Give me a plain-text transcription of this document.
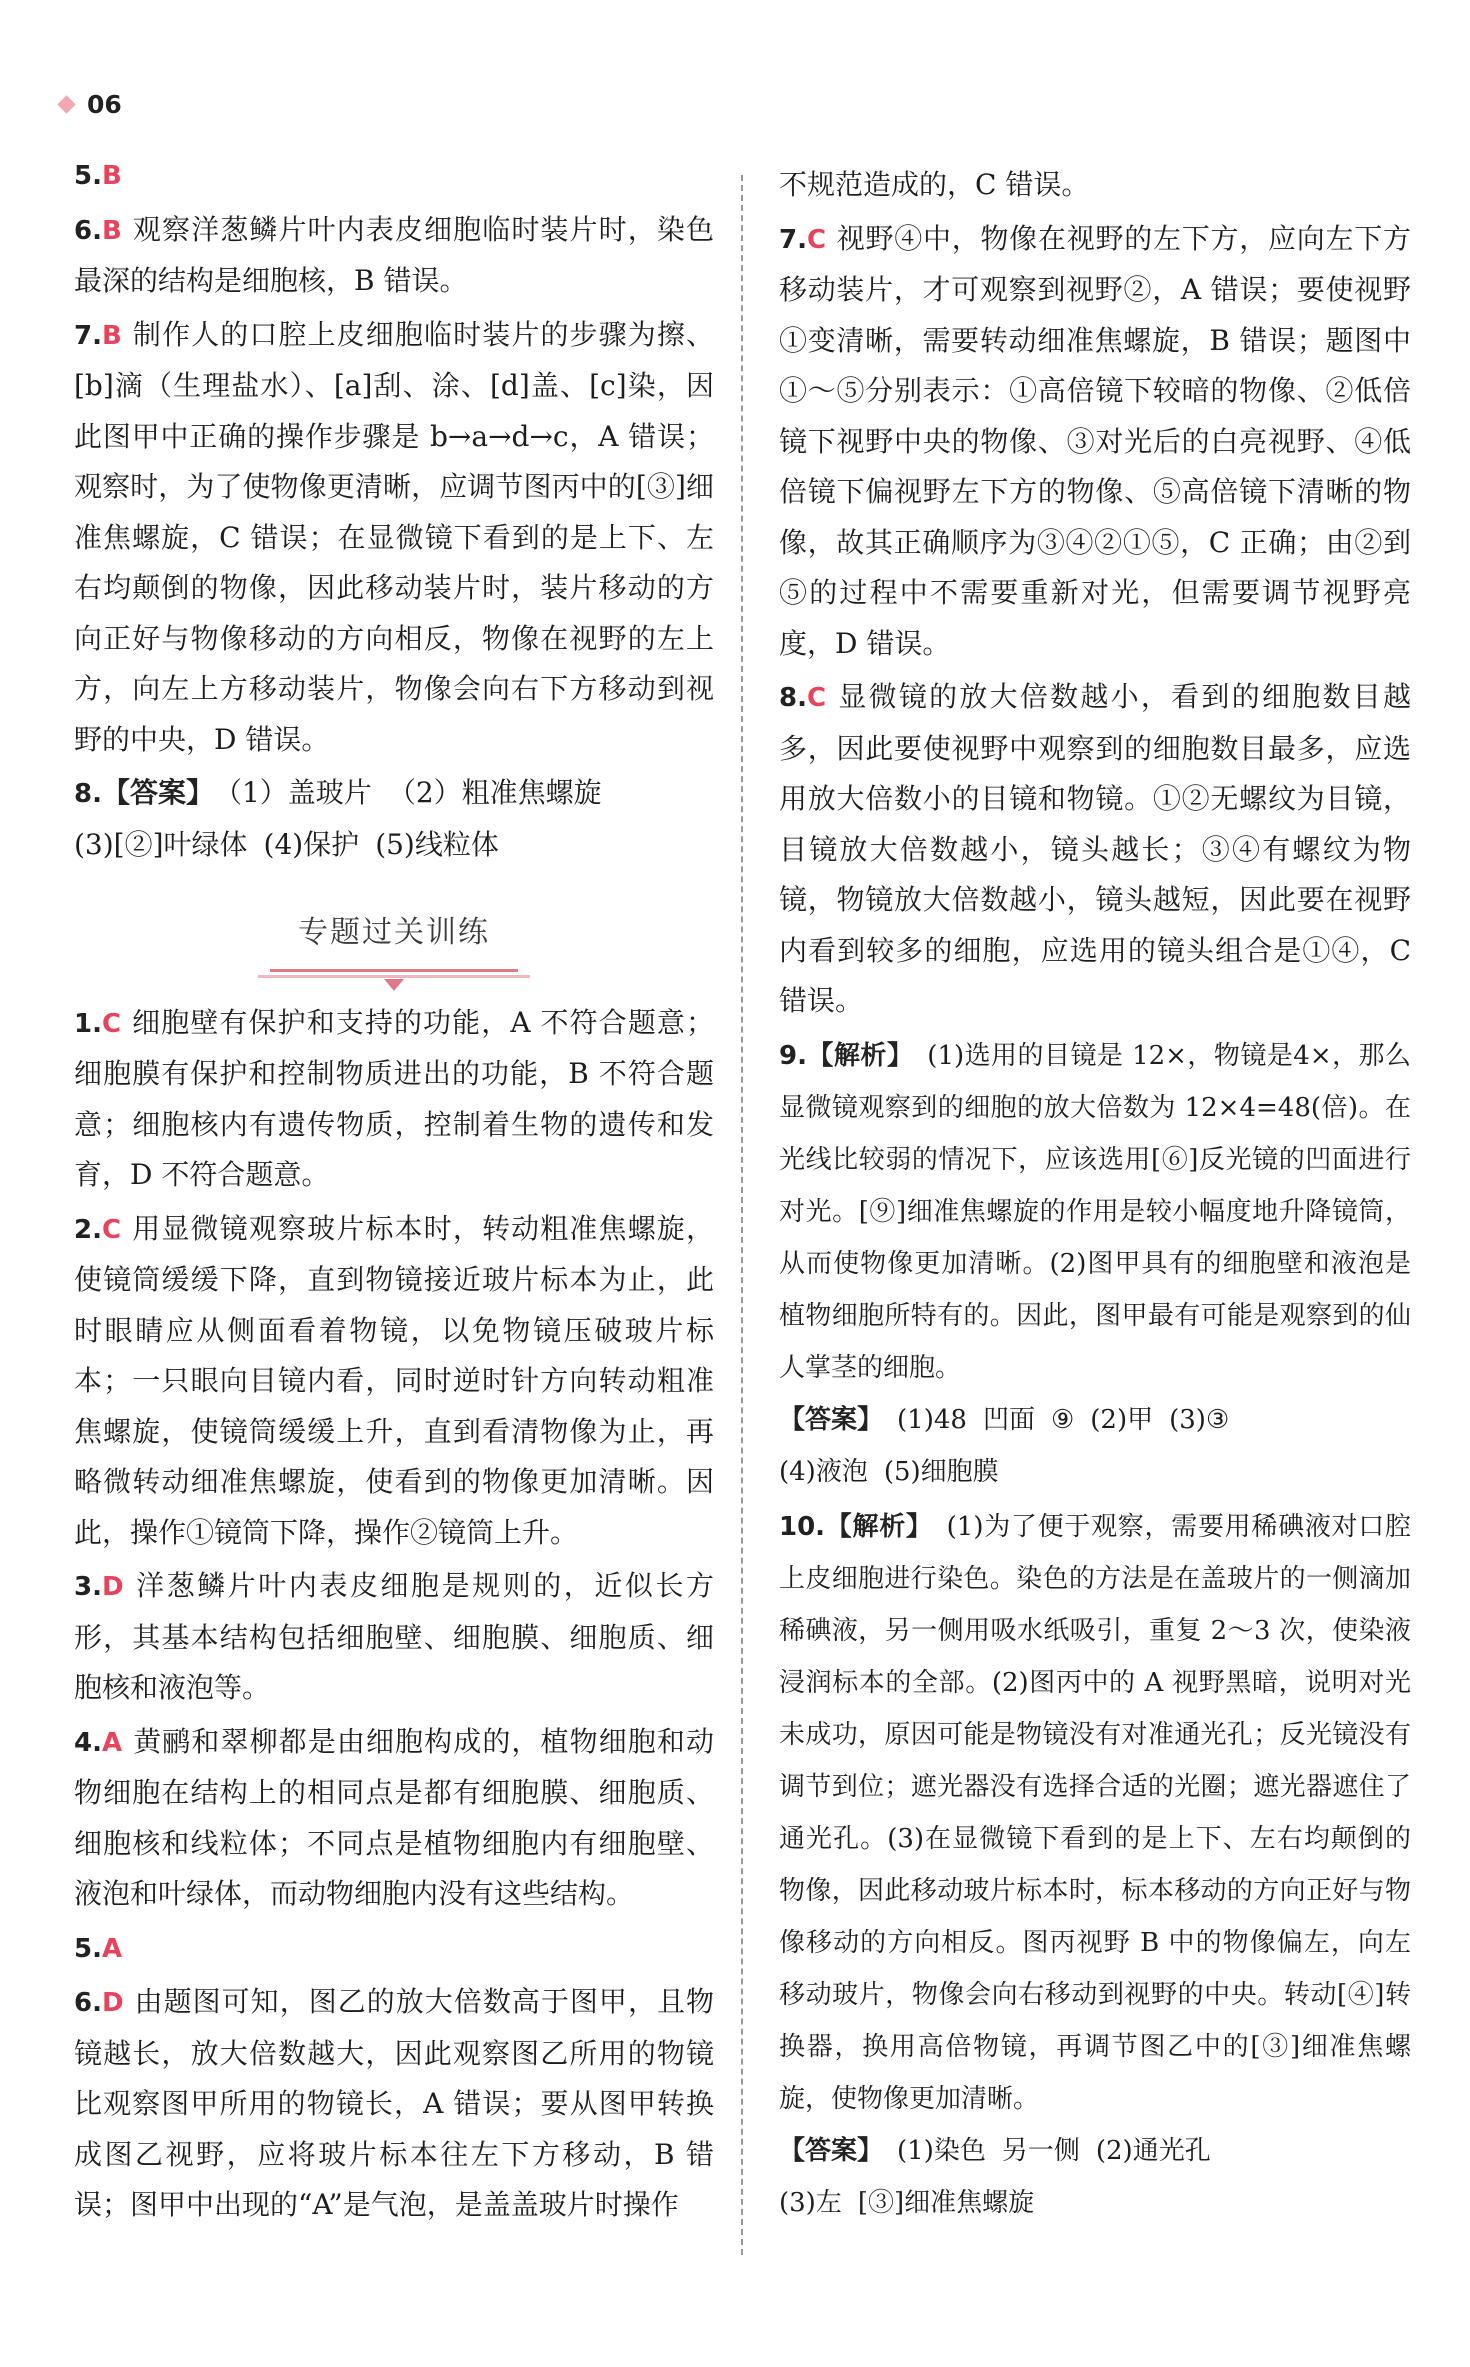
06

5.B

6.B 观察洋葱鳞片叶内表皮细胞临时装片时，染色最深的结构是细胞核，B 错误。

7.B 制作人的口腔上皮细胞临时装片的步骤为擦、[b]滴（生理盐水）、[a]刮、涂、[d]盖、[c]染，因此图甲中正确的操作步骤是 b→a→d→c，A 错误；观察时，为了使物像更清晰，应调节图丙中的[③]细准焦螺旋，C 错误；在显微镜下看到的是上下、左右均颠倒的物像，因此移动装片时，装片移动的方向正好与物像移动的方向相反，物像在视野的左上方，向左上方移动装片，物像会向右下方移动到视野的中央，D 错误。

8.【答案】 （1）盖玻片 （2）粗准焦螺旋
(3)[②]叶绿体 (4)保护 (5)线粒体

专题过关训练

1.C 细胞壁有保护和支持的功能，A 不符合题意；细胞膜有保护和控制物质进出的功能，B 不符合题意；细胞核内有遗传物质，控制着生物的遗传和发育，D 不符合题意。

2.C 用显微镜观察玻片标本时，转动粗准焦螺旋，使镜筒缓缓下降，直到物镜接近玻片标本为止，此时眼睛应从侧面看着物镜，以免物镜压破玻片标本；一只眼向目镜内看，同时逆时针方向转动粗准焦螺旋，使镜筒缓缓上升，直到看清物像为止，再略微转动细准焦螺旋，使看到的物像更加清晰。因此，操作①镜筒下降，操作②镜筒上升。

3.D 洋葱鳞片叶内表皮细胞是规则的，近似长方形，其基本结构包括细胞壁、细胞膜、细胞质、细胞核和液泡等。

4.A 黄鹂和翠柳都是由细胞构成的，植物细胞和动物细胞在结构上的相同点是都有细胞膜、细胞质、细胞核和线粒体；不同点是植物细胞内有细胞壁、液泡和叶绿体，而动物细胞内没有这些结构。

5.A

6.D 由题图可知，图乙的放大倍数高于图甲，且物镜越长，放大倍数越大，因此观察图乙所用的物镜比观察图甲所用的物镜长，A 错误；要从图甲转换成图乙视野，应将玻片标本往左下方移动，B 错误；图甲中出现的“A”是气泡，是盖盖玻片时操作

不规范造成的，C 错误。

7.C 视野④中，物像在视野的左下方，应向左下方移动装片，才可观察到视野②，A 错误；要使视野①变清晰，需要转动细准焦螺旋，B 错误；题图中①～⑤分别表示：①高倍镜下较暗的物像、②低倍镜下视野中央的物像、③对光后的白亮视野、④低倍镜下偏视野左下方的物像、⑤高倍镜下清晰的物像，故其正确顺序为③④②①⑤，C 正确；由②到⑤的过程中不需要重新对光，但需要调节视野亮度，D 错误。

8.C 显微镜的放大倍数越小，看到的细胞数目越多，因此要使视野中观察到的细胞数目最多，应选用放大倍数小的目镜和物镜。①②无螺纹为目镜，目镜放大倍数越小，镜头越长；③④有螺纹为物镜，物镜放大倍数越小，镜头越短，因此要在视野内看到较多的细胞，应选用的镜头组合是①④，C 错误。

9.【解析】 (1)选用的目镜是 12×，物镜是4×，那么显微镜观察到的细胞的放大倍数为 12×4=48(倍)。在光线比较弱的情况下，应该选用[⑥]反光镜的凹面进行对光。[⑨]细准焦螺旋的作用是较小幅度地升降镜筒，从而使物像更加清晰。(2)图甲具有的细胞壁和液泡是植物细胞所特有的。因此，图甲最有可能是观察到的仙人掌茎的细胞。
【答案】 (1)48 凹面 ⑨ (2)甲 (3)③
(4)液泡 (5)细胞膜

10.【解析】 (1)为了便于观察，需要用稀碘液对口腔上皮细胞进行染色。染色的方法是在盖玻片的一侧滴加稀碘液，另一侧用吸水纸吸引，重复 2～3 次，使染液浸润标本的全部。(2)图丙中的 A 视野黑暗，说明对光未成功，原因可能是物镜没有对准通光孔；反光镜没有调节到位；遮光器没有选择合适的光圈；遮光器遮住了通光孔。(3)在显微镜下看到的是上下、左右均颠倒的物像，因此移动玻片标本时，标本移动的方向正好与物像移动的方向相反。图丙视野 B 中的物像偏左，向左移动玻片，物像会向右移动到视野的中央。转动[④]转换器，换用高倍物镜，再调节图乙中的[③]细准焦螺旋，使物像更加清晰。
【答案】 (1)染色 另一侧 (2)通光孔
(3)左 [③]细准焦螺旋
